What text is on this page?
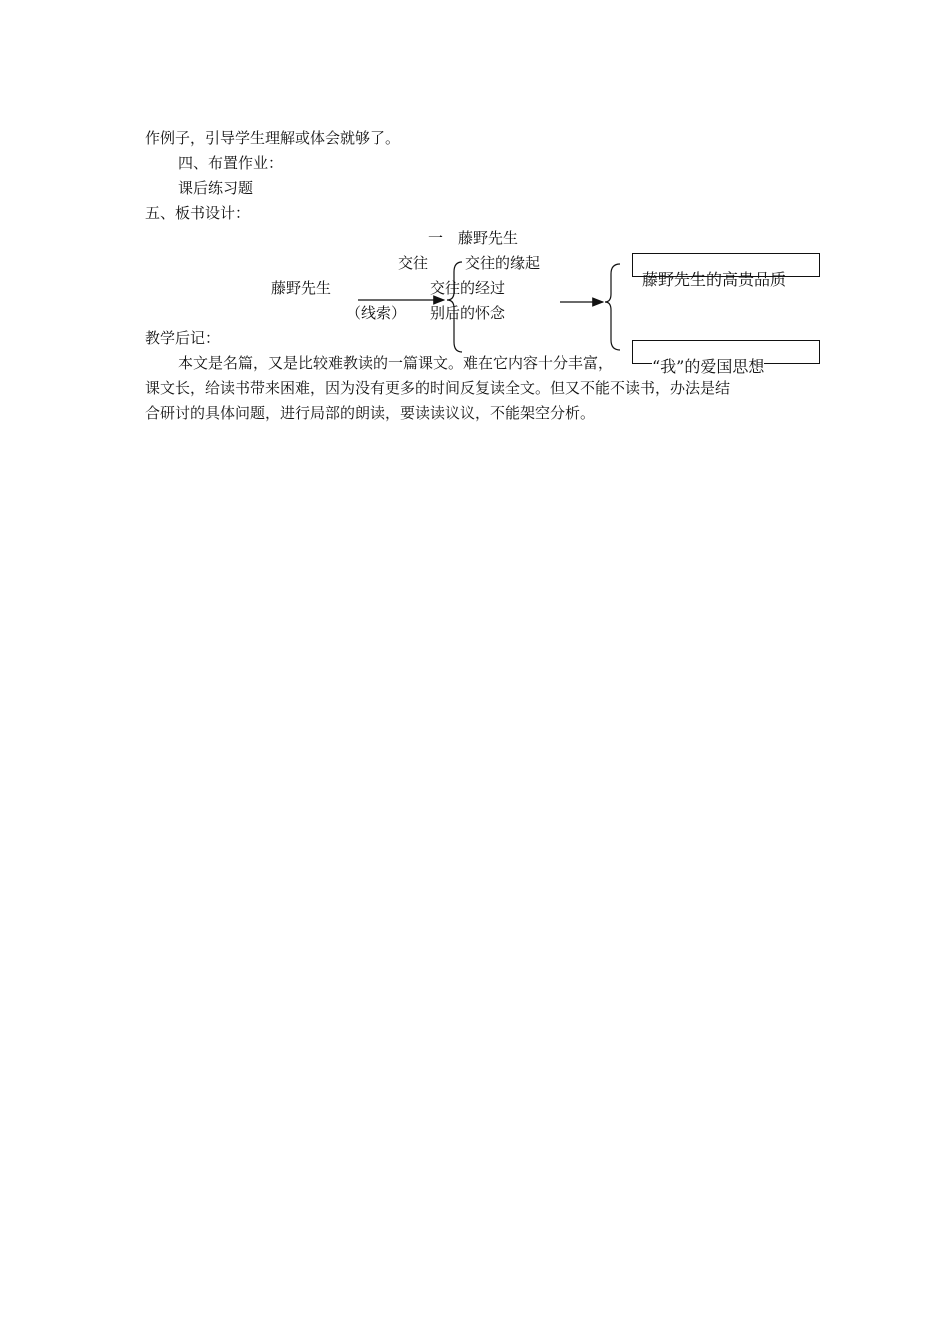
作例子，引导学生理解或体会就够了。
四、布置作业：
课后练习题
五、板书设计：
一　藤野先生
交往 交往的缘起
藤野先生	交往的经过
（线索） 别后的怀念
藤野先生的高贵品质
“我”的爱国思想
教学后记：
本文是名篇，又是比较难教读的一篇课文。难在它内容十分丰富，
课文长，给读书带来困难，因为没有更多的时间反复读全文。但又不能不读书，办法是结
合研讨的具体问题，进行局部的朗读，要读读议议，不能架空分析。
